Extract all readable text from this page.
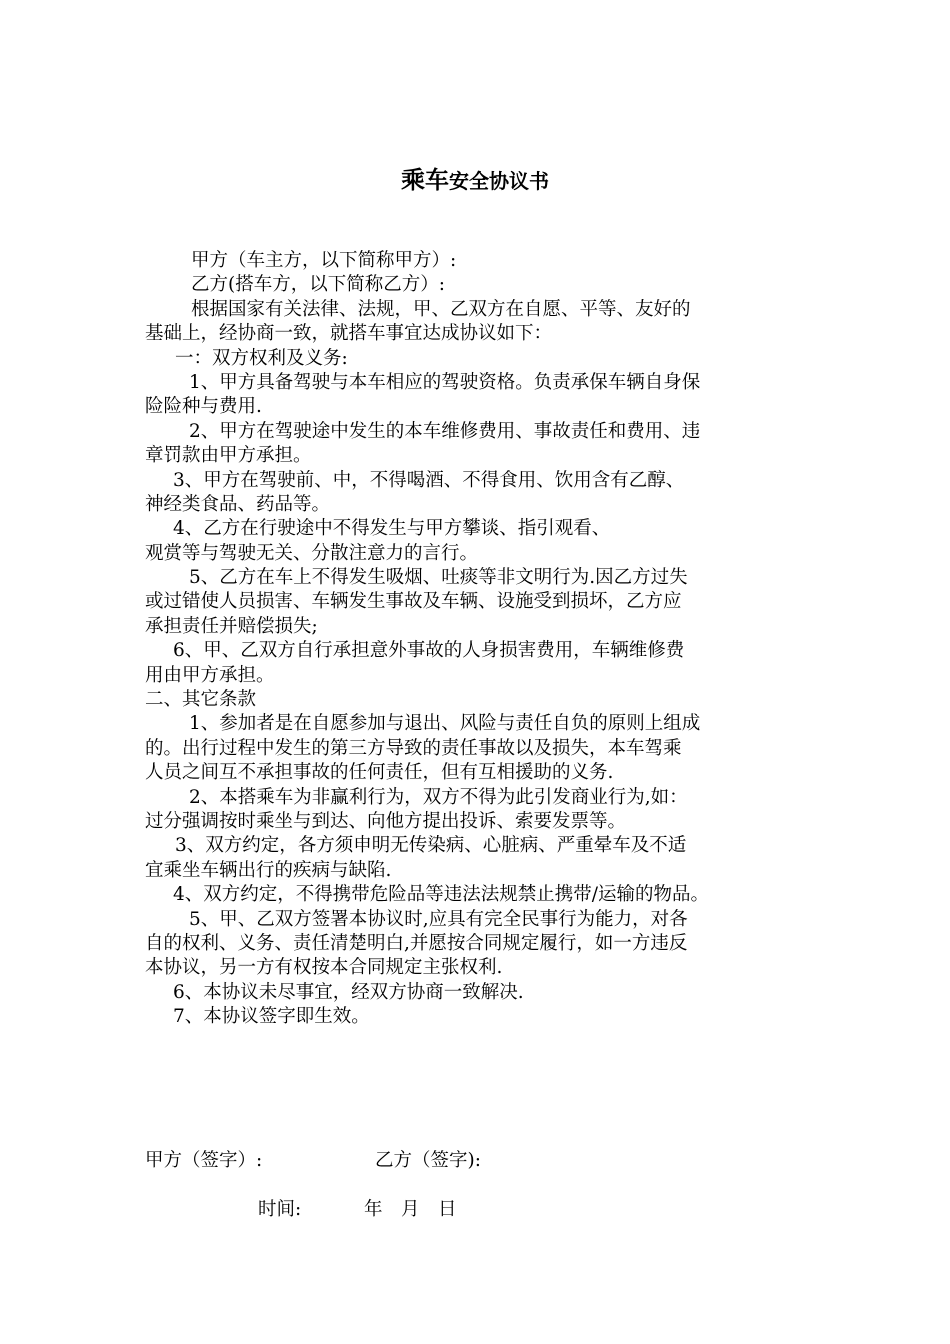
乘车安全协议书
甲方（车主方，以下简称甲方）:
乙方(搭车方，以下简称乙方）:
根据国家有关法律、法规，甲、乙双方在自愿、平等、友好的
基础上，经协商一致，就搭车事宜达成协议如下：
一：双方权利及义务:
1、甲方具备驾驶与本车相应的驾驶资格。负责承保车辆自身保
险险种与费用.
2、甲方在驾驶途中发生的本车维修费用、事故责任和费用、违
章罚款由甲方承担。
3、甲方在驾驶前、中，不得喝酒、不得食用、饮用含有乙醇、
神经类食品、药品等。
4、乙方在行驶途中不得发生与甲方攀谈、指引观看、
观赏等与驾驶无关、分散注意力的言行。
5、乙方在车上不得发生吸烟、吐痰等非文明行为.因乙方过失
或过错使人员损害、车辆发生事故及车辆、设施受到损坏，乙方应
承担责任并赔偿损失;
6、甲、乙双方自行承担意外事故的人身损害费用，车辆维修费
用由甲方承担。
二、其它条款
1、参加者是在自愿参加与退出、风险与责任自负的原则上组成
的。出行过程中发生的第三方导致的责任事故以及损失，本车驾乘
人员之间互不承担事故的任何责任，但有互相援助的义务.
2、本搭乘车为非赢利行为，双方不得为此引发商业行为,如：
过分强调按时乘坐与到达、向他方提出投诉、索要发票等。
3、双方约定，各方须申明无传染病、心脏病、严重晕车及不适
宜乘坐车辆出行的疾病与缺陷.
4、双方约定，不得携带危险品等违法法规禁止携带/运输的物品。
5、甲、乙双方签署本协议时,应具有完全民事行为能力，对各
自的权利、义务、责任清楚明白,并愿按合同规定履行，如一方违反
本协议，另一方有权按本合同规定主张权利.
6、本协议未尽事宜，经双方协商一致解决.
7、本协议签字即生效。
甲方（签字）:	乙方（签字):
时间:	年　月　日
